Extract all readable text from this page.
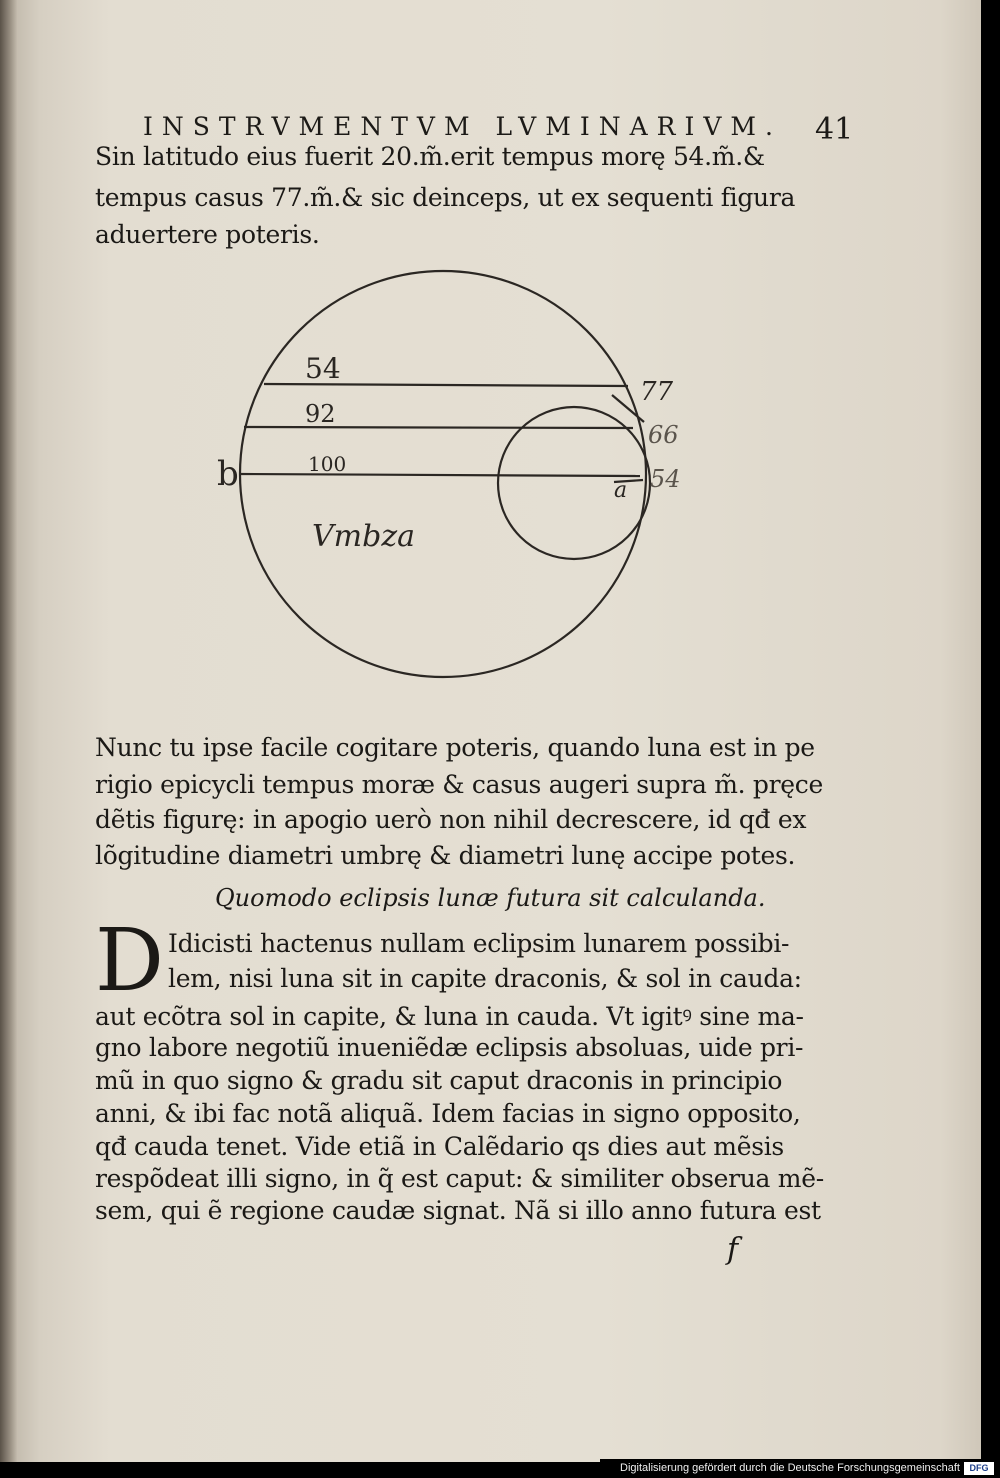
INSTRVMENTVM LVMINARIVM. 41
Sin latitudo eius fuerit 20.m̃.erit tempus morę 54.m̃.&
tempus casus 77.m̃.& sic deinceps, ut ex sequenti figura
aduertere poteris.
54
92
100
b	a
77
66
54
Vmbza
Nunc tu ipse facile cogitare poteris, quando luna est in pe
rigio epicycli tempus moræ & casus augeri supra m̃. pręce
dẽtis figurę: in apogio uerò non nihil decrescere, id qđ ex
lõgitudine diametri umbrę & diametri lunę accipe potes.
Quomodo eclipsis lunæ futura sit calculanda.
D Idicisti hactenus nullam eclipsim lunarem possibi-
lem, nisi luna sit in capite draconis, & sol in cauda:
aut ecõtra sol in capite, & luna in cauda. Vt igitꝰ sine ma-
gno labore negotiũ inueniẽdæ eclipsis absoluas, uide pri-
mũ in quo signo & gradu sit caput draconis in principio
anni, & ibi fac notã aliquã. Idem facias in signo opposito,
qđ cauda tenet. Vide etiã in Calẽdario qs dies aut mẽsis
respõdeat illi signo, in q̃ est caput: & similiter obserua mẽ-
sem, qui ẽ regione caudæ signat. Nã si illo anno futura est
f
Digitalisierung gefördert durch die Deutsche Forschungsgemeinschaft	DFG
